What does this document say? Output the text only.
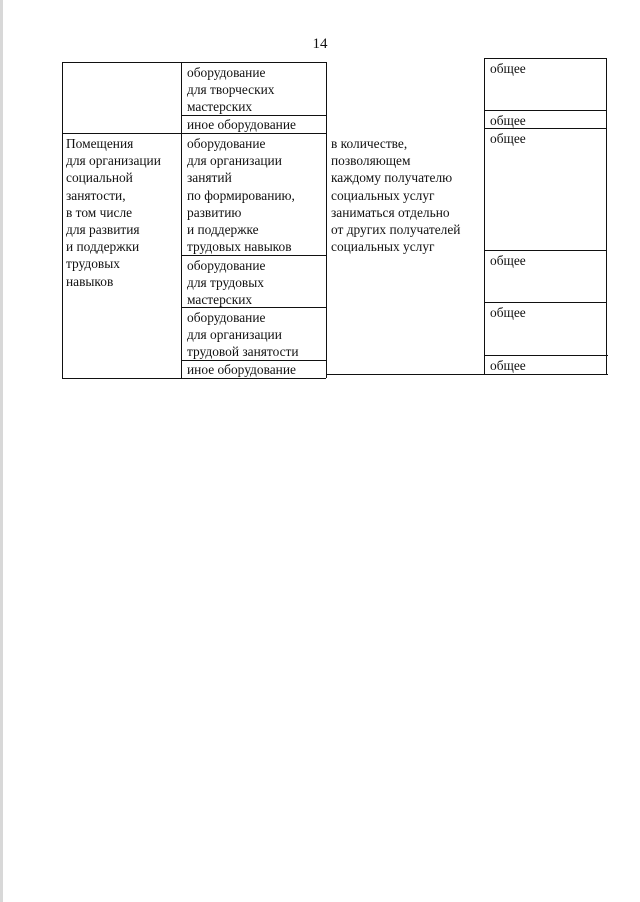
14
оборудование
для творческих
мастерских
общее
иное оборудование	общее
Помещения
для организации
социальной
занятости,
в том числе
для развития
и поддержки
трудовых
навыков
оборудование
для организации
занятий
по формированию,
развитию
и поддержке
трудовых навыков
оборудование
для трудовых
мастерских
оборудование
для организации
трудовой занятости
иное оборудование
в количестве,
позволяющем
каждому получателю
социальных услуг
заниматься отдельно
от других получателей
социальных услуг
общее
общее
общее
общее
